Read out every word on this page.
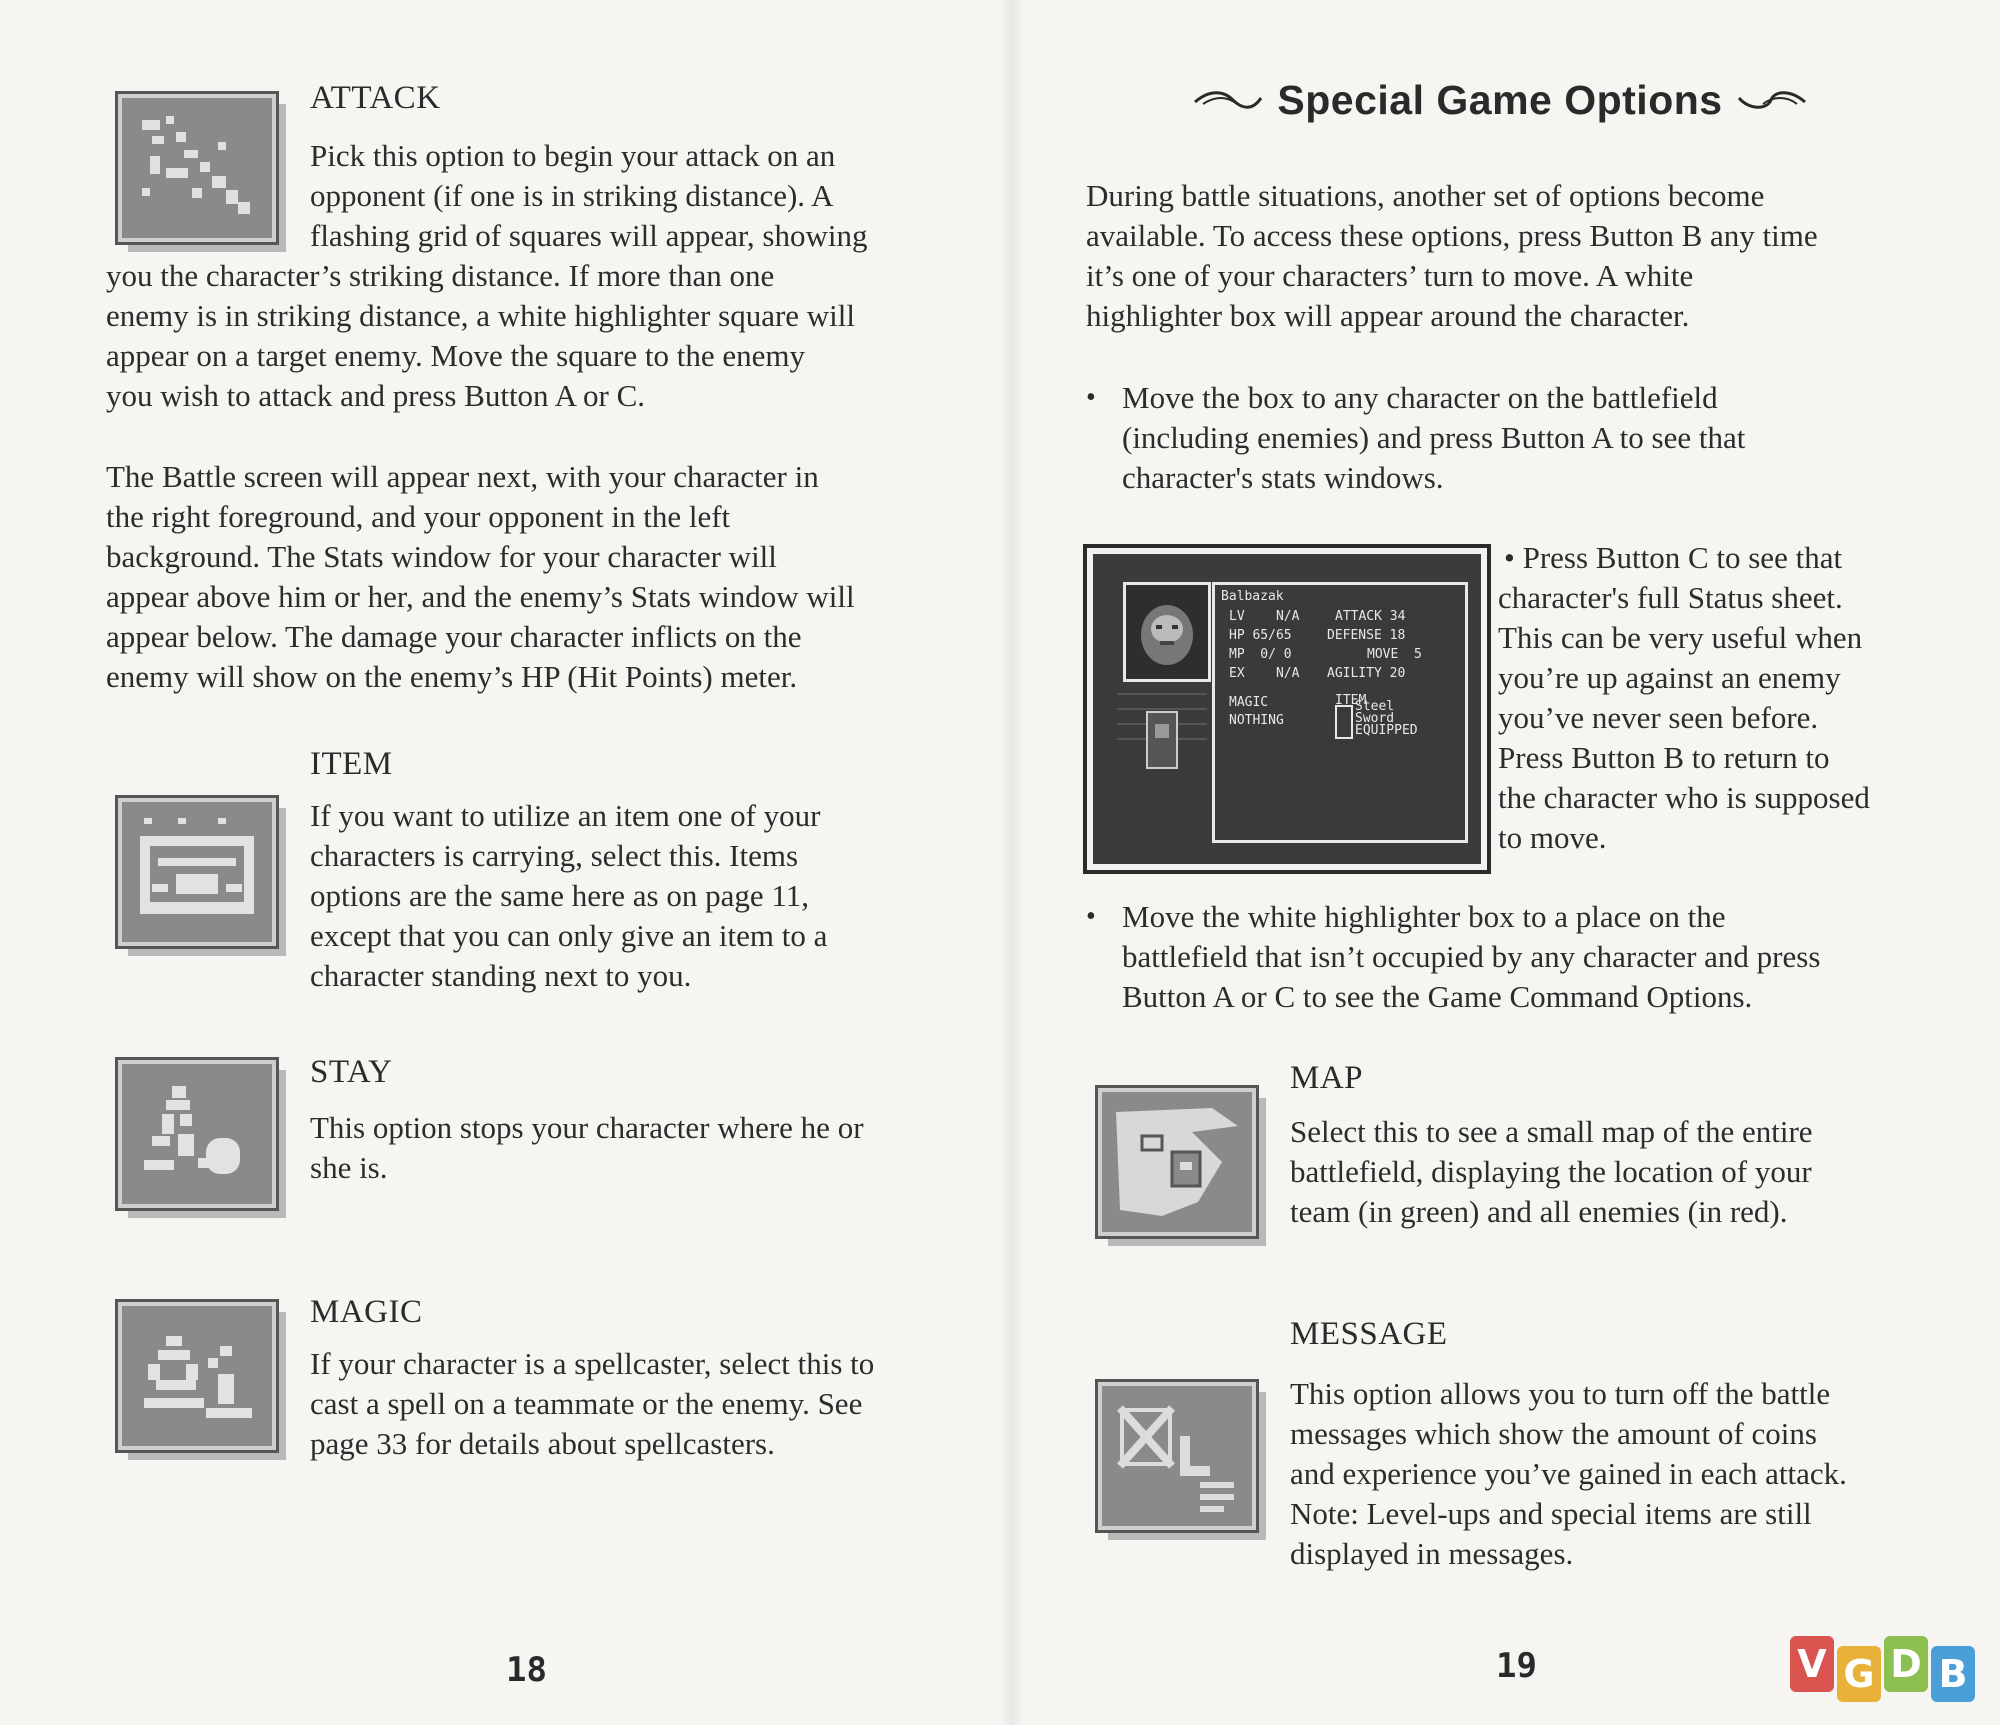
ATTACK

Pick this option to begin your attack on an

opponent (if one is in striking distance). A

flashing grid of squares will appear, showing

you the character’s striking distance. If more than one

enemy is in striking distance, a white highlighter square will

appear on a target enemy. Move the square to the enemy

you wish to attack and press Button A or C.

The Battle screen will appear next, with your character in

the right foreground, and your opponent in the left

background. The Stats window for your character will

appear above him or her, and the enemy’s Stats window will

appear below. The damage your character inflicts on the

enemy will show on the enemy’s HP (Hit Points) meter.

ITEM

If you want to utilize an item one of your

characters is carrying, select this. Items

options are the same here as on page 11,

except that you can only give an item to a

character standing next to you.

STAY

This option stops your character where he or

she is.

MAGIC

If your character is a spellcaster, select this to

cast a spell on a teammate or the enemy. See

page 33 for details about spellcasters.

18
Special Game Options

During battle situations, another set of options become

available. To access these options, press Button B any time

it’s one of your characters’ turn to move. A white

highlighter box will appear around the character.

• Move the box to any character on the battlefield

(including enemies) and press Button A to see that

character's stats windows.

Balbazak
LV    N/A	ATTACK 34
HP 65/65	DEFENSE 18
MP  0/ 0	MOVE  5
EX    N/A AGILITY 20
MAGIC
NOTHING
ITEM
Steel
Sword
EQUIPPED

• Press Button C to see that

character's full Status sheet.

This can be very useful when

you’re up against an enemy

you’ve never seen before.

Press Button B to return to

the character who is supposed

to move.

• Move the white highlighter box to a place on the

battlefield that isn’t occupied by any character and press

Button A or C to see the Game Command Options.

MAP

Select this to see a small map of the entire

battlefield, displaying the location of your

team (in green) and all enemies (in red).

MESSAGE

This option allows you to turn off the battle

messages which show the amount of coins

and experience you’ve gained in each attack.

Note: Level-ups and special items are still

displayed in messages.

19	V G D B
